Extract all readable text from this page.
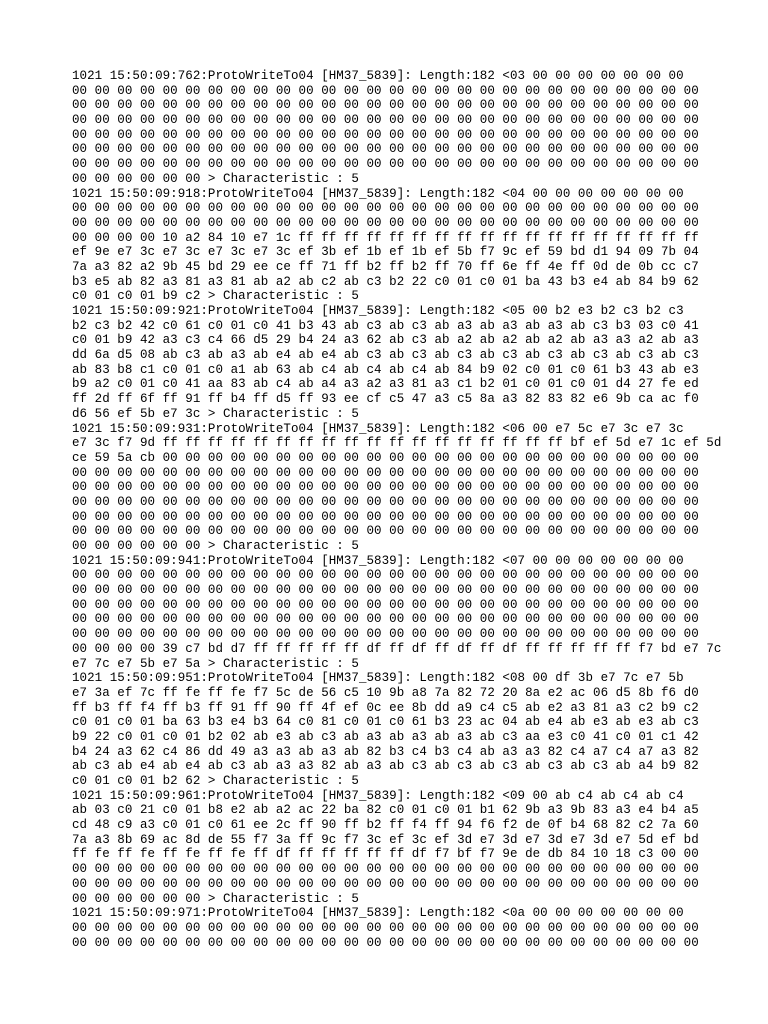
1021 15:50:09:762:ProtoWriteTo04 [HM37_5839]: Length:182 <03 00 00 00 00 00 00 00
00 00 00 00 00 00 00 00 00 00 00 00 00 00 00 00 00 00 00 00 00 00 00 00 00 00 00 00
00 00 00 00 00 00 00 00 00 00 00 00 00 00 00 00 00 00 00 00 00 00 00 00 00 00 00 00
00 00 00 00 00 00 00 00 00 00 00 00 00 00 00 00 00 00 00 00 00 00 00 00 00 00 00 00
00 00 00 00 00 00 00 00 00 00 00 00 00 00 00 00 00 00 00 00 00 00 00 00 00 00 00 00
00 00 00 00 00 00 00 00 00 00 00 00 00 00 00 00 00 00 00 00 00 00 00 00 00 00 00 00
00 00 00 00 00 00 00 00 00 00 00 00 00 00 00 00 00 00 00 00 00 00 00 00 00 00 00 00
00 00 00 00 00 00 > Characteristic : 5
1021 15:50:09:918:ProtoWriteTo04 [HM37_5839]: Length:182 <04 00 00 00 00 00 00 00
00 00 00 00 00 00 00 00 00 00 00 00 00 00 00 00 00 00 00 00 00 00 00 00 00 00 00 00
00 00 00 00 00 00 00 00 00 00 00 00 00 00 00 00 00 00 00 00 00 00 00 00 00 00 00 00
00 00 00 00 10 a2 84 10 e7 1c ff ff ff ff ff ff ff ff ff ff ff ff ff ff ff ff ff ff
ef 9e e7 3c e7 3c e7 3c e7 3c ef 3b ef 1b ef 1b ef 5b f7 9c ef 59 bd d1 94 09 7b 04
7a a3 82 a2 9b 45 bd 29 ee ce ff 71 ff b2 ff b2 ff 70 ff 6e ff 4e ff 0d de 0b cc c7
b3 e5 ab 82 a3 81 a3 81 ab a2 ab c2 ab c3 b2 22 c0 01 c0 01 ba 43 b3 e4 ab 84 b9 62
c0 01 c0 01 b9 c2 > Characteristic : 5
1021 15:50:09:921:ProtoWriteTo04 [HM37_5839]: Length:182 <05 00 b2 e3 b2 c3 b2 c3
b2 c3 b2 42 c0 61 c0 01 c0 41 b3 43 ab c3 ab c3 ab a3 ab a3 ab a3 ab c3 b3 03 c0 41
c0 01 b9 42 a3 c3 c4 66 d5 29 b4 24 a3 62 ab c3 ab a2 ab a2 ab a2 ab a3 a3 a2 ab a3
dd 6a d5 08 ab c3 ab a3 ab e4 ab e4 ab c3 ab c3 ab c3 ab c3 ab c3 ab c3 ab c3 ab c3
ab 83 b8 c1 c0 01 c0 a1 ab 63 ab c4 ab c4 ab c4 ab 84 b9 02 c0 01 c0 61 b3 43 ab e3
b9 a2 c0 01 c0 41 aa 83 ab c4 ab a4 a3 a2 a3 81 a3 c1 b2 01 c0 01 c0 01 d4 27 fe ed
ff 2d ff 6f ff 91 ff b4 ff d5 ff 93 ee cf c5 47 a3 c5 8a a3 82 83 82 e6 9b ca ac f0
d6 56 ef 5b e7 3c > Characteristic : 5
1021 15:50:09:931:ProtoWriteTo04 [HM37_5839]: Length:182 <06 00 e7 5c e7 3c e7 3c
e7 3c f7 9d ff ff ff ff ff ff ff ff ff ff ff ff ff ff ff ff ff ff bf ef 5d e7 1c ef 5d
ce 59 5a cb 00 00 00 00 00 00 00 00 00 00 00 00 00 00 00 00 00 00 00 00 00 00 00 00
00 00 00 00 00 00 00 00 00 00 00 00 00 00 00 00 00 00 00 00 00 00 00 00 00 00 00 00
00 00 00 00 00 00 00 00 00 00 00 00 00 00 00 00 00 00 00 00 00 00 00 00 00 00 00 00
00 00 00 00 00 00 00 00 00 00 00 00 00 00 00 00 00 00 00 00 00 00 00 00 00 00 00 00
00 00 00 00 00 00 00 00 00 00 00 00 00 00 00 00 00 00 00 00 00 00 00 00 00 00 00 00
00 00 00 00 00 00 00 00 00 00 00 00 00 00 00 00 00 00 00 00 00 00 00 00 00 00 00 00
00 00 00 00 00 00 > Characteristic : 5
1021 15:50:09:941:ProtoWriteTo04 [HM37_5839]: Length:182 <07 00 00 00 00 00 00 00
00 00 00 00 00 00 00 00 00 00 00 00 00 00 00 00 00 00 00 00 00 00 00 00 00 00 00 00
00 00 00 00 00 00 00 00 00 00 00 00 00 00 00 00 00 00 00 00 00 00 00 00 00 00 00 00
00 00 00 00 00 00 00 00 00 00 00 00 00 00 00 00 00 00 00 00 00 00 00 00 00 00 00 00
00 00 00 00 00 00 00 00 00 00 00 00 00 00 00 00 00 00 00 00 00 00 00 00 00 00 00 00
00 00 00 00 00 00 00 00 00 00 00 00 00 00 00 00 00 00 00 00 00 00 00 00 00 00 00 00
00 00 00 00 39 c7 bd d7 ff ff ff ff ff df ff df ff df ff df ff ff ff ff ff f7 bd e7 7c
e7 7c e7 5b e7 5a > Characteristic : 5
1021 15:50:09:951:ProtoWriteTo04 [HM37_5839]: Length:182 <08 00 df 3b e7 7c e7 5b
e7 3a ef 7c ff fe ff fe f7 5c de 56 c5 10 9b a8 7a 82 72 20 8a e2 ac 06 d5 8b f6 d0
ff b3 ff f4 ff b3 ff 91 ff 90 ff 4f ef 0c ee 8b dd a9 c4 c5 ab e2 a3 81 a3 c2 b9 c2
c0 01 c0 01 ba 63 b3 e4 b3 64 c0 81 c0 01 c0 61 b3 23 ac 04 ab e4 ab e3 ab e3 ab c3
b9 22 c0 01 c0 01 b2 02 ab e3 ab c3 ab a3 ab a3 ab a3 ab c3 aa e3 c0 41 c0 01 c1 42
b4 24 a3 62 c4 86 dd 49 a3 a3 ab a3 ab 82 b3 c4 b3 c4 ab a3 a3 82 c4 a7 c4 a7 a3 82
ab c3 ab e4 ab e4 ab c3 ab a3 a3 82 ab a3 ab c3 ab c3 ab c3 ab c3 ab c3 ab a4 b9 82
c0 01 c0 01 b2 62 > Characteristic : 5
1021 15:50:09:961:ProtoWriteTo04 [HM37_5839]: Length:182 <09 00 ab c4 ab c4 ab c4
ab 03 c0 21 c0 01 b8 e2 ab a2 ac 22 ba 82 c0 01 c0 01 b1 62 9b a3 9b 83 a3 e4 b4 a5
cd 48 c9 a3 c0 01 c0 61 ee 2c ff 90 ff b2 ff f4 ff 94 f6 f2 de 0f b4 68 82 c2 7a 60
7a a3 8b 69 ac 8d de 55 f7 3a ff 9c f7 3c ef 3c ef 3d e7 3d e7 3d e7 3d e7 5d ef bd
ff fe ff fe ff fe ff fe ff df ff ff ff ff ff df f7 bf f7 9e de db 84 10 18 c3 00 00
00 00 00 00 00 00 00 00 00 00 00 00 00 00 00 00 00 00 00 00 00 00 00 00 00 00 00 00
00 00 00 00 00 00 00 00 00 00 00 00 00 00 00 00 00 00 00 00 00 00 00 00 00 00 00 00
00 00 00 00 00 00 > Characteristic : 5
1021 15:50:09:971:ProtoWriteTo04 [HM37_5839]: Length:182 <0a 00 00 00 00 00 00 00
00 00 00 00 00 00 00 00 00 00 00 00 00 00 00 00 00 00 00 00 00 00 00 00 00 00 00 00
00 00 00 00 00 00 00 00 00 00 00 00 00 00 00 00 00 00 00 00 00 00 00 00 00 00 00 00
